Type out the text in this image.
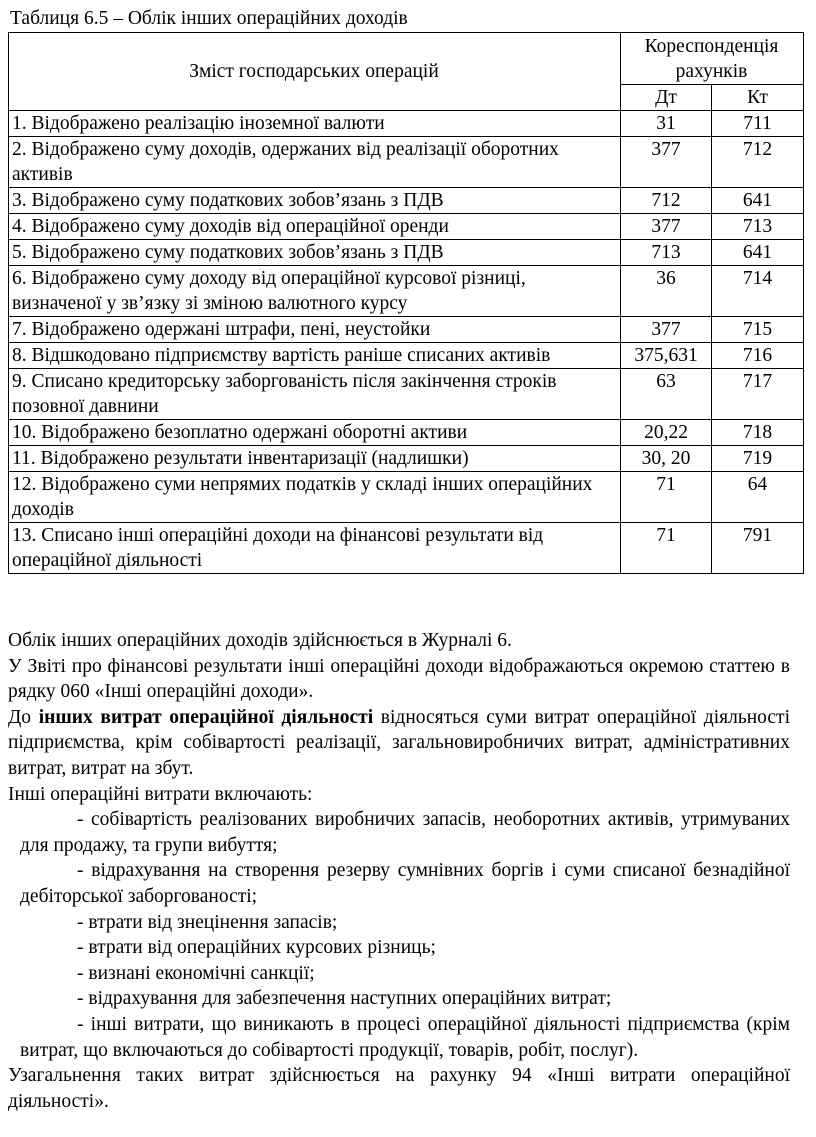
Таблиця 6.5 – Облік інших операційних доходів
Зміст господарських операцій	Кореспонденція рахунків	
	Дт	Кт
1. Відображено реалізацію іноземної валюти	31	711
2. Відображено суму доходів, одержаних від реалізації оборотних активів	377	712
3. Відображено суму податкових зобов’язань з ПДВ	712	641
4. Відображено суму доходів від операційної оренди	377	713
5. Відображено суму податкових зобов’язань з ПДВ	713	641
6. Відображено суму доходу від операційної курсової різниці, визначеної у зв’язку зі зміною валютного курсу	36	714
7. Відображено одержані штрафи, пені, неустойки	377	715
8. Відшкодовано підприємству вартість раніше списаних активів	375,631	716
9. Списано кредиторську заборгованість після закінчення строків позовної давнини	63	717
10. Відображено безоплатно одержані оборотні активи	20,22	718
11. Відображено результати інвентаризації (надлишки)	30, 20	719
12. Відображено суми непрямих податків у складі інших операційних доходів	71	64
13. Списано інші операційні доходи на фінансові результати від операційної діяльності	71	791

Облік інших операційних доходів здійснюється в Журналі 6.

У Звіті про фінансові результати інші операційні доходи відображаються окремою статтею в рядку 060 «Інші операційні доходи».

До інших витрат операційної діяльності відносяться суми витрат операційної діяльності підприємства, крім собівартості реалізації, загальновиробничих витрат, адміністративних витрат, витрат на збут.

Інші операційні витрати включають:

- собівартість реалізованих виробничих запасів, необоротних активів, утримуваних для продажу, та групи вибуття;

- відрахування на створення резерву сумнівних боргів і суми списаної безнадійної дебіторської заборгованості;

- втрати від знецінення запасів;

- втрати від операційних курсових різниць;

- визнані економічні санкції;

- відрахування для забезпечення наступних операційних витрат;

- інші витрати, що виникають в процесі операційної діяльності підприємства (крім витрат, що включаються до собівартості продукції, товарів, робіт, послуг).

Узагальнення таких витрат здійснюється на рахунку 94 «Інші витрати операційної діяльності».
